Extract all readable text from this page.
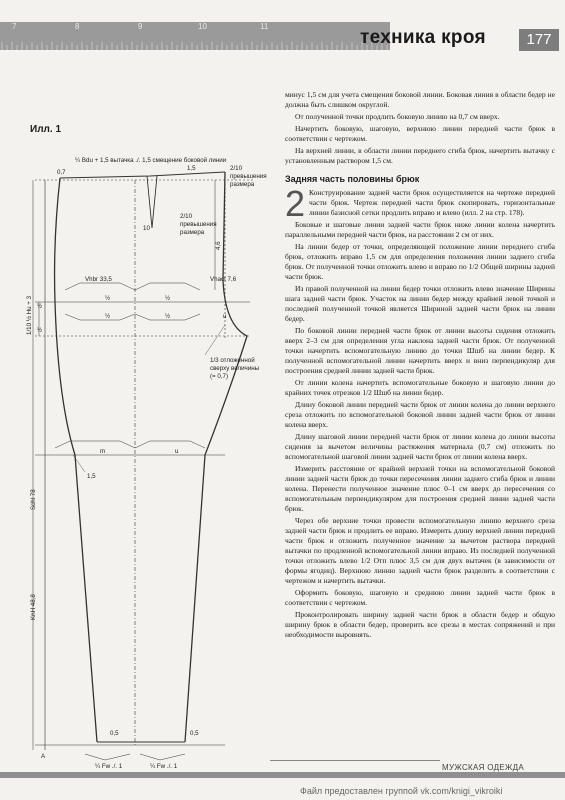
7	8	9	10	11
техника кроя	177
Илл. 1
¼ Вdu + 1,5 вытачка ./. 1,5 смещение боковой линии
0,7
1,5	2/10
превышения
размера
2/10
превышения
размера
10
Vhbr 33,5	Vhact 7,6
1/10 ½ Hu + 3
4,6
½
½
½	½
½	½	u
1/3 отложенной
сверху величины
(= 0,7)
Schl 78
1,5
m	u
KnH 48,8
0,5	0,5
A
¼ Fw ./. 1	¼ Fw ./. 1

минус 1,5 см для учета смещения боковой линии. Боковая линия в области бедер не должна быть слишком округлой.

От полученной точки продлить боковую линию на 0,7 см вверх.

Начертить боковую, шаговую, верхнюю линии передней части брюк в соответствии с чертежом.

На верхней линии, в области линии переднего сгиба брюк, начертить вытачку с установленным раствором 1,5 см.

Задняя часть половины брюк

2 Конструирование задней части брюк осуществляется на чертеже передней части брюк. Чертеж передней части брюк скопировать, горизонтальные линии базисной сетки продлить вправо и влево (илл. 2 на стр. 178).

Боковые и шаговые линии задней части брюк ниже линии колена начертить параллельными передней части брюк, на расстоянии 2 см от них.

На линии бедер от точки, определяющей положение линии переднего сгиба брюк, отложить вправо 1,5 см для определения положения линии заднего сгиба брюк. От полученной точки отложить влево и вправо по 1/2 Общей ширины задней части брюк.

Из правой полученной на линии бедер точки отложить влево значение Ширины шага задней части брюк. Участок на линии бедер между крайней левой точкой и последней полученной точкой является Шириной задней части брюк на линии бедер.

По боковой линии передней части брюк от линии высоты сидения отложить вверх 2–3 см для определения угла наклона задней части брюк. От полученной точки начертить вспомогательную линию до точки Шшб на линии бедер. К полученной вспомогательной линии начертить вверх и вниз перпендикуляр для построения средней линии задней части брюк.

От линии колена начертить вспомогательные боковую и шаговую линии до крайних точек отрезков 1/2 Шшб на линии бедер.

Длину боковой линии передней части брюк от линии колена до линии верхнего среза отложить по вспомогательной боковой линии задней части брюк от линии колена вверх.

Длину шаговой линии передней части брюк от линии колена до линии высоты сидения за вычетом величины растяжения материала (0,7 см) отложить по вспомогательной шаговой линии задней части брюк от линии колена вверх.

Измерить расстояние от крайней верхней точки на вспомогательной боковой линии задней части брюк до точки пересечения линии заднего сгиба брюк и линии колена. Перенести полученное значение плюс 0–1 см вверх до пересечения со вспомогательным перпендикуляром для построения средней линии задней части брюк.

Через обе верхние точки провести вспомогательную линию верхнего среза задней части брюк и продлить ее вправо. Измерить длину верхней линии передней части брюк и отложить полученное значение за вычетом раствора передней вытачки по продленной вспомогательной линии вправо. Из последней полученной точки отложить влево 1/2 Отп плюс 3,5 см для двух вытачек (в зависимости от формы ягодиц). Верхнюю линию задней части брюк разделить в соответствии с чертежом и начертить вытачки.

Оформить боковую, шаговую и среднюю линии задней части брюк в соответствии с чертежом.

Проконтролировать ширину задней части брюк в области бедер и общую ширину брюк в области бедер, проверить все срезы в местах сопряжений и при необходимости выровнять.

МУЖСКАЯ ОДЕЖДА
Файл предоставлен группой vk.com/knigi_vikroiki
